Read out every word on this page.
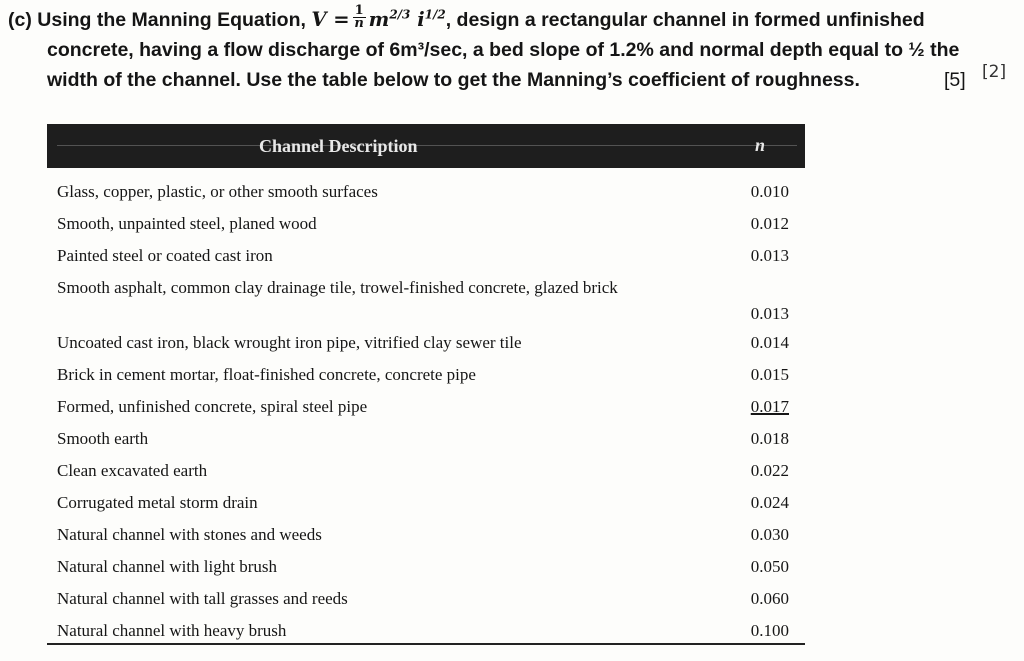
(c) Using the Manning Equation, $V = \frac{1}{n} m^{2/3}$ $i^{1/2}$, design a rectangular channel in formed unfinished
concrete, having a flow discharge of 6m³/sec, a bed slope of 1.2% and normal depth equal to ½ the
width of the channel. Use the table below to get the Manning’s coefficient of roughness.	[5] [2]
Channel Description	n
Glass, copper, plastic, or other smooth surfaces	0.010
Smooth, unpainted steel, planed wood	0.012
Painted steel or coated cast iron	0.013
Smooth asphalt, common clay drainage tile, trowel-finished concrete, glazed brick
0.013
Uncoated cast iron, black wrought iron pipe, vitrified clay sewer tile	0.014
Brick in cement mortar, float-finished concrete, concrete pipe	0.015
Formed, unfinished concrete, spiral steel pipe	0.017
Smooth earth	0.018
Clean excavated earth	0.022
Corrugated metal storm drain	0.024
Natural channel with stones and weeds	0.030
Natural channel with light brush	0.050
Natural channel with tall grasses and reeds	0.060
Natural channel with heavy brush	0.100
